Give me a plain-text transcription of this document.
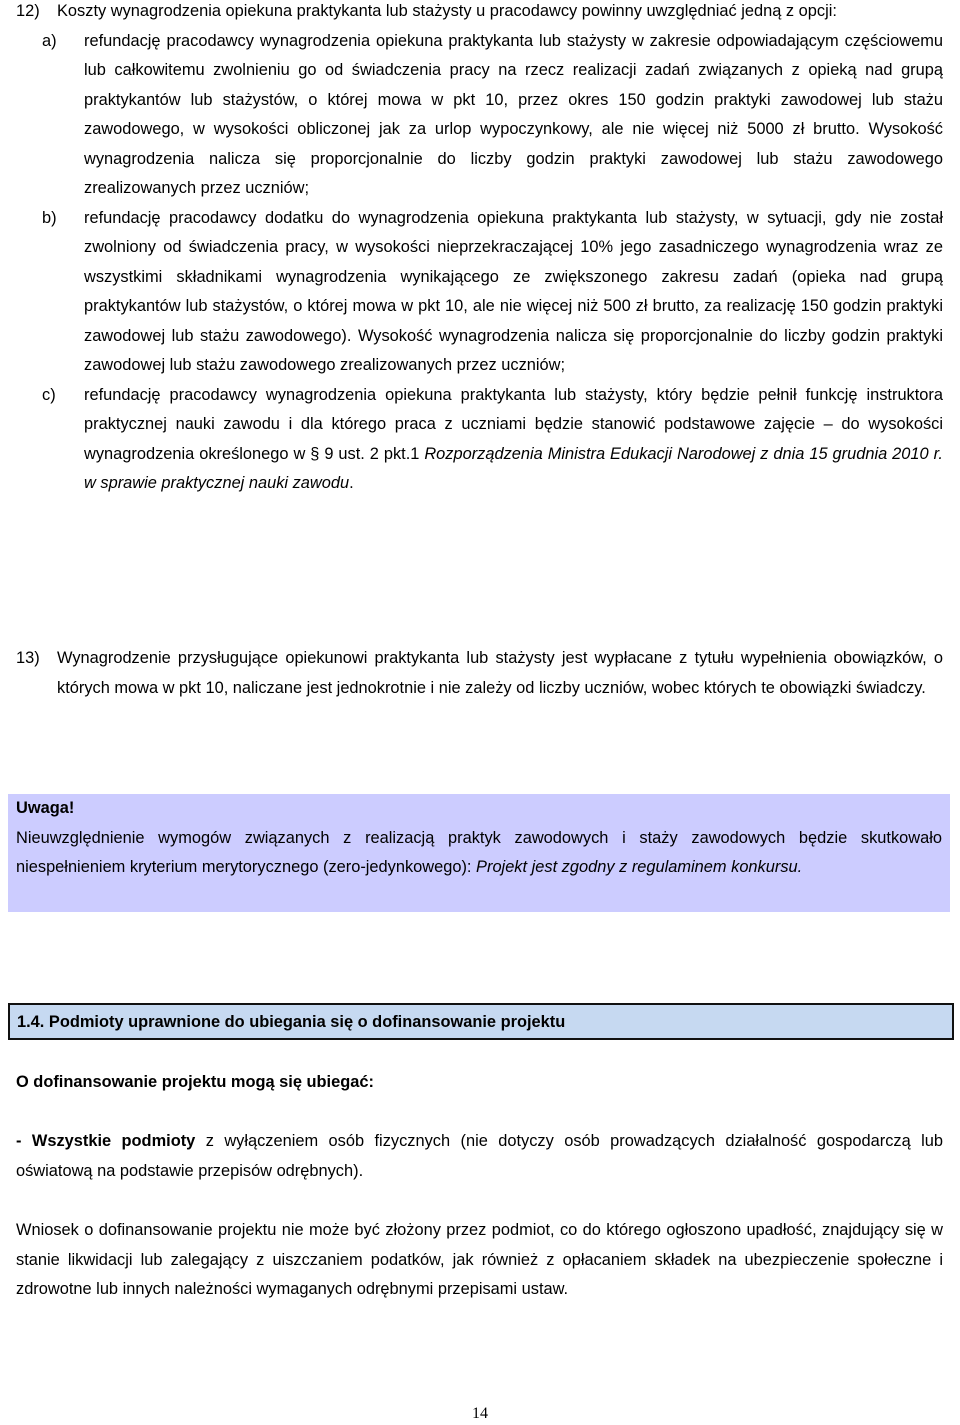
12)	Koszty wynagrodzenia opiekuna praktykanta lub stażysty u pracodawcy powinny uwzględniać jedną z opcji:
a)	refundację pracodawcy wynagrodzenia opiekuna praktykanta lub stażysty w zakresie odpowiadającym częściowemu lub całkowitemu zwolnieniu go od świadczenia pracy na rzecz realizacji zadań związanych z opieką nad grupą praktykantów lub stażystów, o której mowa w pkt 10, przez okres 150 godzin praktyki zawodowej lub stażu zawodowego, w wysokości obliczonej jak za urlop wypoczynkowy, ale nie więcej niż 5000 zł brutto. Wysokość wynagrodzenia nalicza się proporcjonalnie do liczby godzin praktyki zawodowej lub stażu zawodowego zrealizowanych przez uczniów;
b)	refundację pracodawcy dodatku do wynagrodzenia opiekuna praktykanta lub stażysty, w sytuacji, gdy nie został zwolniony od świadczenia pracy, w wysokości nieprzekraczającej 10% jego zasadniczego wynagrodzenia wraz ze wszystkimi składnikami wynagrodzenia wynikającego ze zwiększonego zakresu zadań (opieka nad grupą praktykantów lub stażystów, o której mowa w pkt 10, ale nie więcej niż 500 zł brutto, za realizację 150 godzin praktyki zawodowej lub stażu zawodowego). Wysokość wynagrodzenia nalicza się proporcjonalnie do liczby godzin praktyki zawodowej lub stażu zawodowego zrealizowanych przez uczniów;
c)	refundację pracodawcy wynagrodzenia opiekuna praktykanta lub stażysty, który będzie pełnił funkcję instruktora praktycznej nauki zawodu i dla którego praca z uczniami będzie stanowić podstawowe zajęcie – do wysokości wynagrodzenia określonego w § 9 ust. 2 pkt.1 Rozporządzenia Ministra Edukacji Narodowej z dnia 15 grudnia 2010 r. w sprawie praktycznej nauki zawodu.
13)	Wynagrodzenie przysługujące opiekunowi praktykanta lub stażysty jest wypłacane z tytułu wypełnienia obowiązków, o których mowa w pkt 10, naliczane jest jednokrotnie i nie zależy od liczby uczniów, wobec których te obowiązki świadczy.
Uwaga!
Nieuwzględnienie wymogów związanych z realizacją praktyk zawodowych i staży zawodowych będzie skutkowało niespełnieniem kryterium merytorycznego (zero-jedynkowego): Projekt jest zgodny z regulaminem konkursu.
1.4. Podmioty uprawnione do ubiegania się o dofinansowanie projektu
O dofinansowanie projektu mogą się ubiegać:
- Wszystkie podmioty z wyłączeniem osób fizycznych (nie dotyczy osób prowadzących działalność gospodarczą lub oświatową na podstawie przepisów odrębnych).
Wniosek o dofinansowanie projektu nie może być złożony przez podmiot, co do którego ogłoszono upadłość, znajdujący się w stanie likwidacji lub zalegający z uiszczaniem podatków, jak również z opłacaniem składek na ubezpieczenie społeczne i zdrowotne lub innych należności wymaganych odrębnymi przepisami ustaw.
14
